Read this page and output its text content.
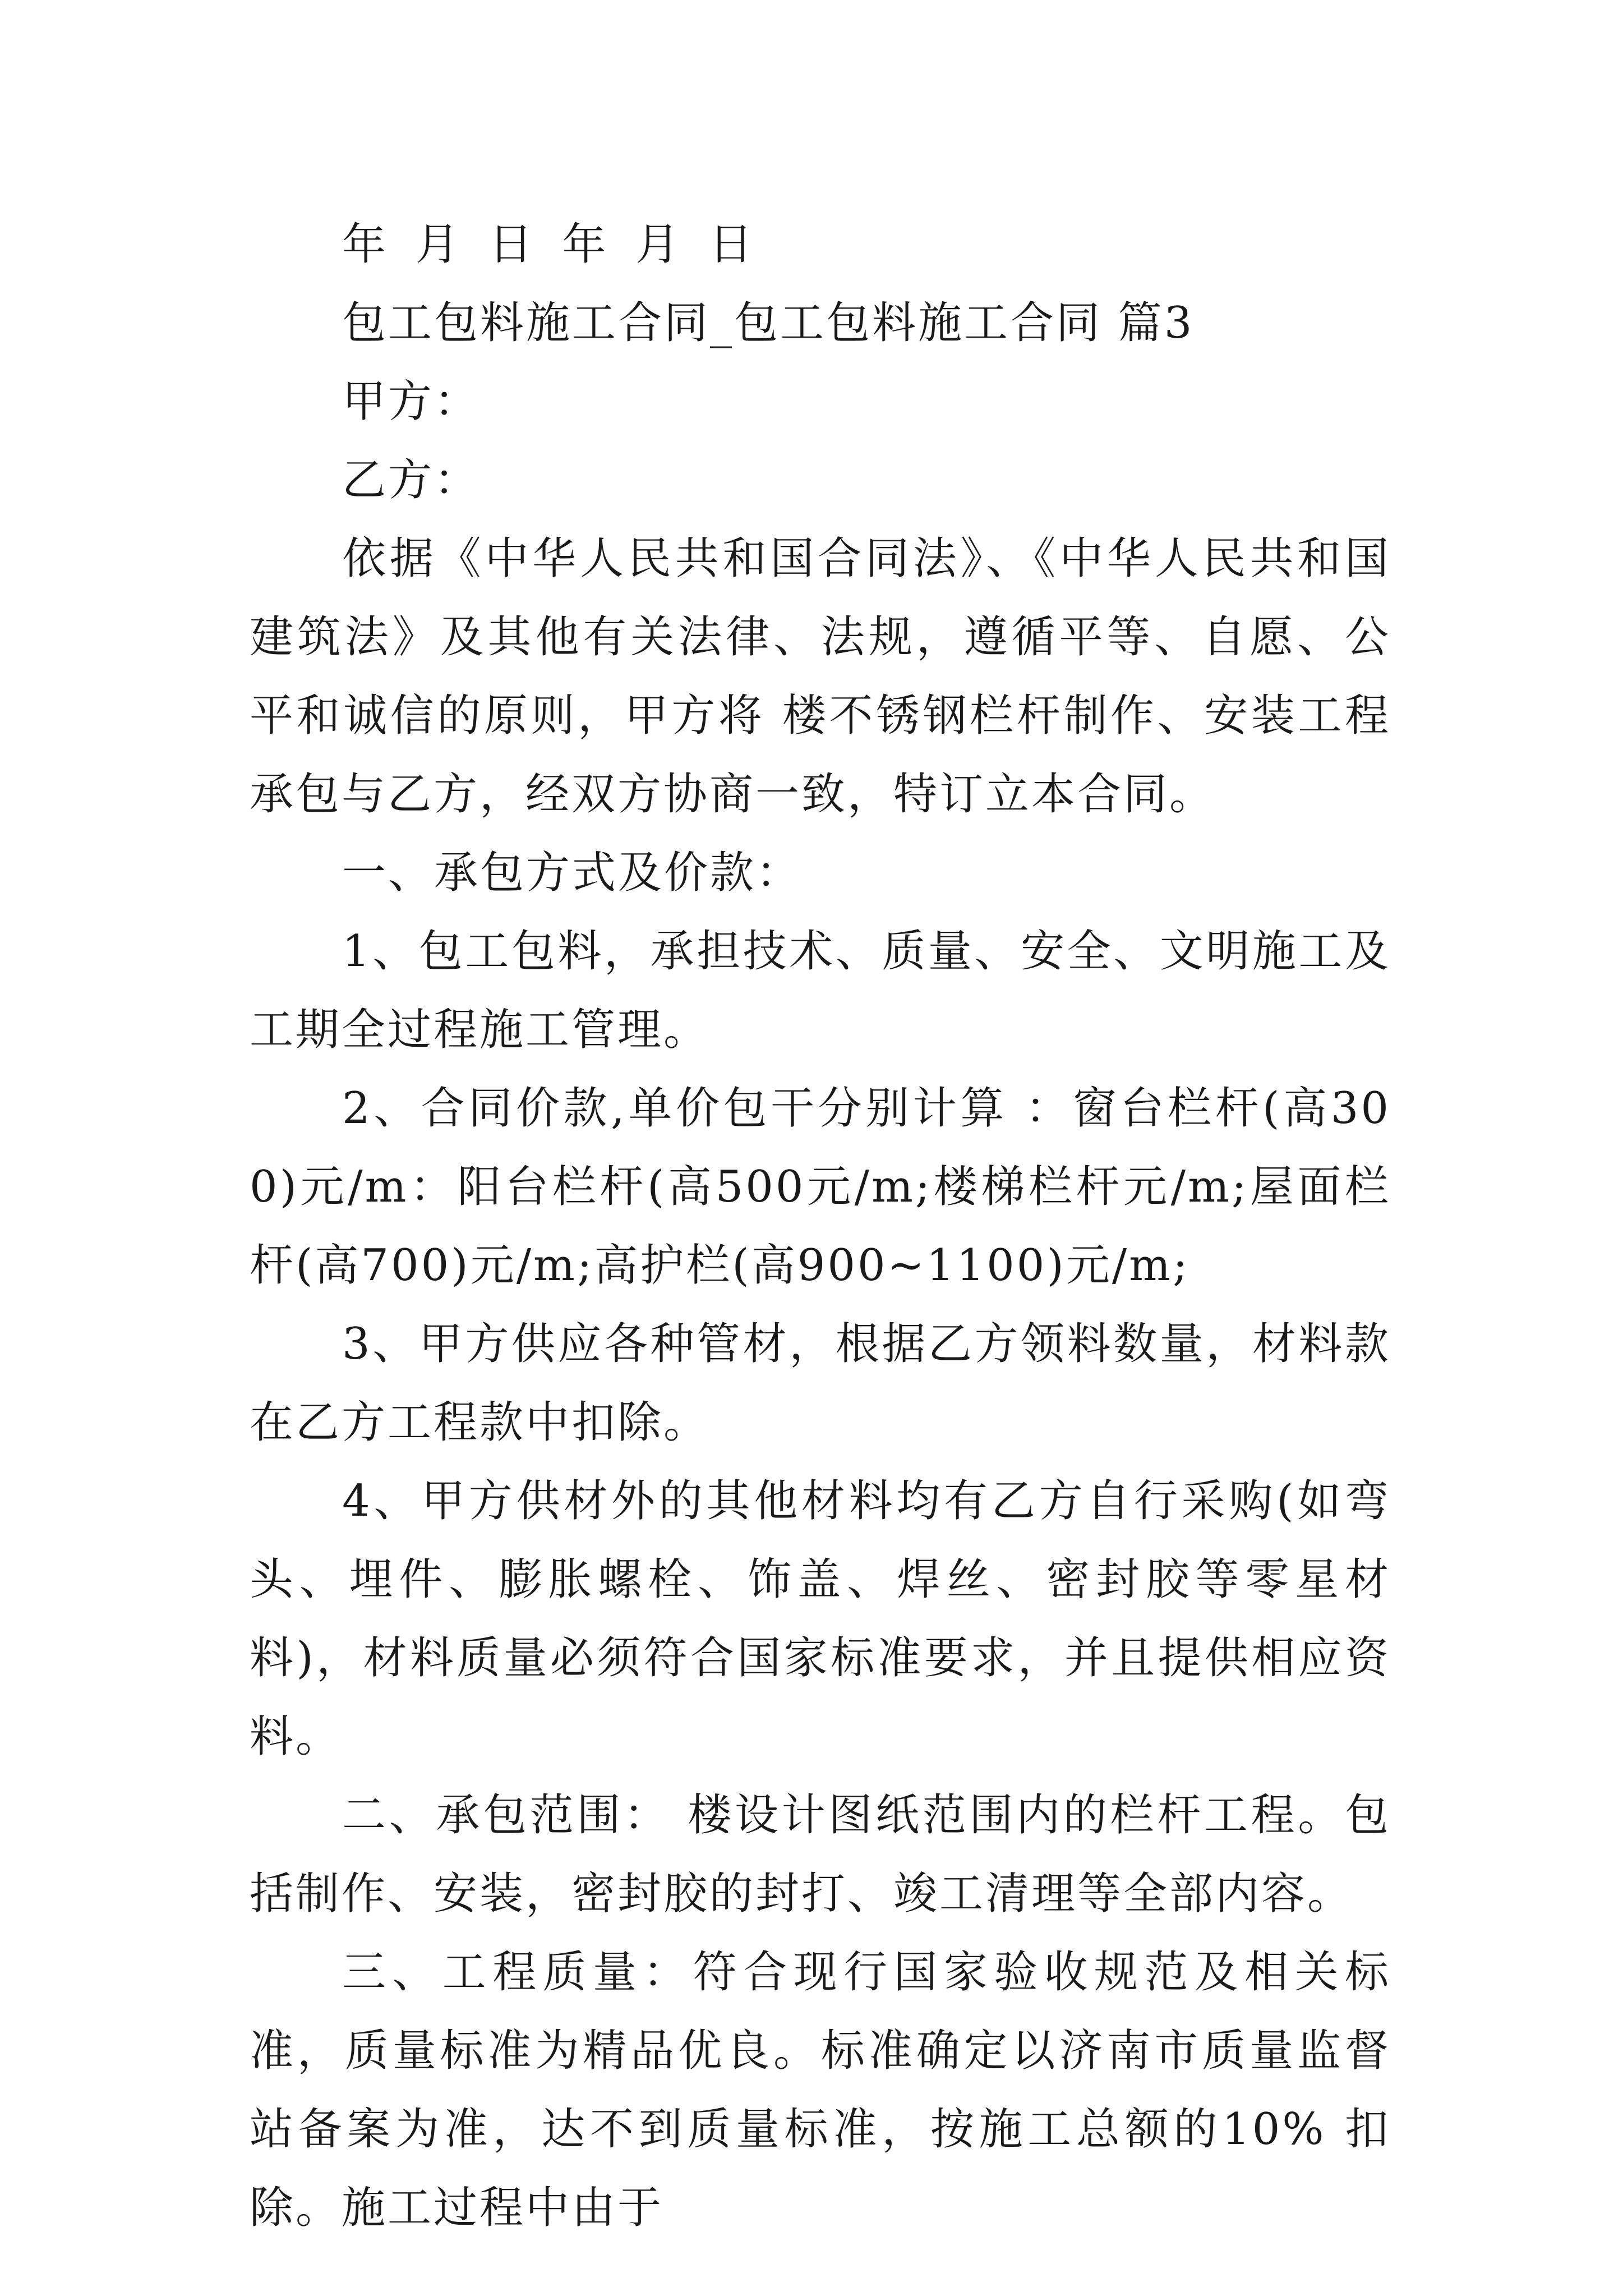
年 月 日 年 月 日

包工包料施工合同_包工包料施工合同 篇3

甲方：

乙方：

依据《中华人民共和国合同法》、《中华人民共和国建筑法》及其他有关法律、法规，遵循平等、自愿、公平和诚信的原则，甲方将 楼不锈钢栏杆制作、安装工程承包与乙方，经双方协商一致，特订立本合同。

一、承包方式及价款：

1、包工包料，承担技术、质量、安全、文明施工及工期全过程施工管理。

2、合同价款,单价包干分别计算 ：窗台栏杆(高300)元/m：阳台栏杆(高500元/m;楼梯栏杆元/m;屋面栏杆(高700)元/m;高护栏(高900~1100)元/m;

3、甲方供应各种管材，根据乙方领料数量，材料款在乙方工程款中扣除。

4、甲方供材外的其他材料均有乙方自行采购(如弯头、埋件、膨胀螺栓、饰盖、焊丝、密封胶等零星材料)，材料质量必须符合国家标准要求，并且提供相应资料。

二、承包范围： 楼设计图纸范围内的栏杆工程。包括制作、安装，密封胶的封打、竣工清理等全部内容。

三、工程质量：符合现行国家验收规范及相关标准，质量标准为精品优良。标准确定以济南市质量监督站备案为准，达不到质量标准，按施工总额的10% 扣除。施工过程中由于
